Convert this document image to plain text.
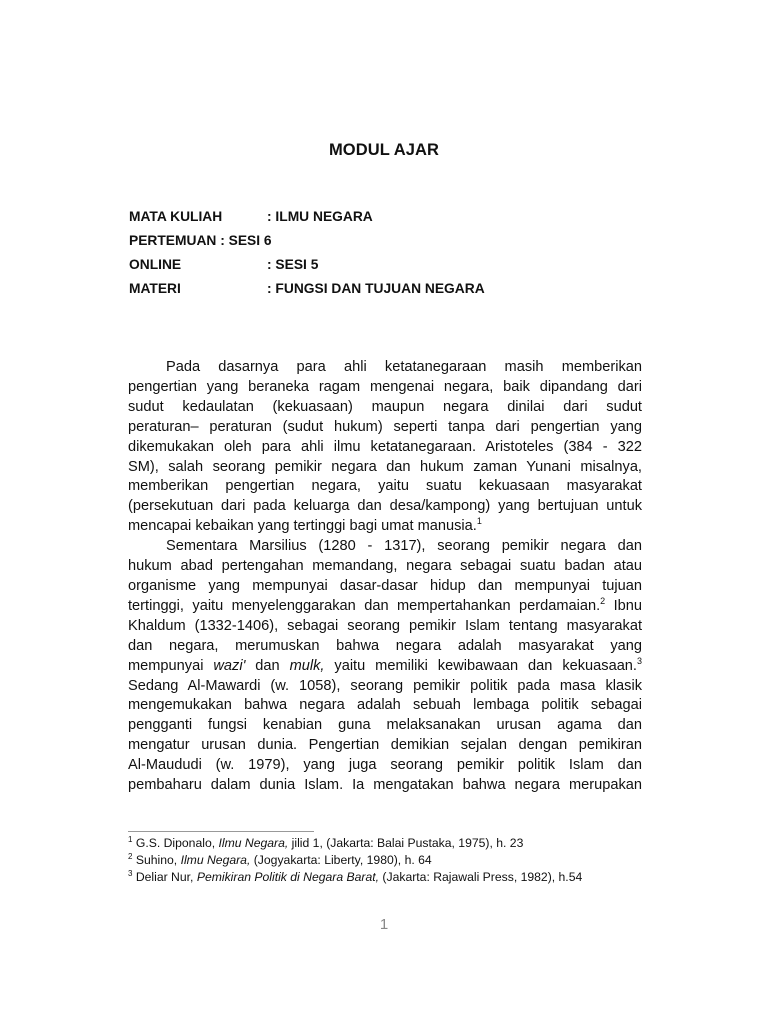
MODUL AJAR
MATA KULIAH	: ILMU NEGARA
PERTEMUAN : SESI 6
ONLINE	: SESI 5
MATERI	: FUNGSI DAN TUJUAN NEGARA
Pada dasarnya para ahli ketatanegaraan masih memberikan
pengertian yang beraneka ragam mengenai negara, baik dipandang dari
sudut kedaulatan (kekuasaan) maupun negara dinilai dari sudut
peraturan– peraturan (sudut hukum) seperti tanpa dari pengertian yang
dikemukakan oleh para ahli ilmu ketatanegaraan. Aristoteles (384 - 322
SM), salah seorang pemikir negara dan hukum zaman Yunani misalnya,
memberikan pengertian negara, yaitu suatu kekuasaan masyarakat
(persekutuan dari pada keluarga dan desa/kampong) yang bertujuan untuk
mencapai kebaikan yang tertinggi bagi umat manusia.$^1$
Sementara Marsilius (1280 - 1317), seorang pemikir negara dan
hukum abad pertengahan memandang, negara sebagai suatu badan atau
organisme yang mempunyai dasar-dasar hidup dan mempunyai tujuan
tertinggi, yaitu menyelenggarakan dan mempertahankan perdamaian.$^2$ Ibnu
Khaldum (1332-1406), sebagai seorang pemikir Islam tentang masyarakat
dan negara, merumuskan bahwa negara adalah masyarakat yang
mempunyai wazi' dan mulk, yaitu memiliki kewibawaan dan kekuasaan.$^3$
Sedang Al-Mawardi (w. 1058), seorang pemikir politik pada masa klasik
mengemukakan bahwa negara adalah sebuah lembaga politik sebagai
pengganti fungsi kenabian guna melaksanakan urusan agama dan
mengatur urusan dunia. Pengertian demikian sejalan dengan pemikiran
Al-Maududi (w. 1979), yang juga seorang pemikir politik Islam dan
pembaharu dalam dunia Islam. Ia mengatakan bahwa negara merupakan
$^1$ G.S. Diponalo, Ilmu Negara, jilid 1, (Jakarta: Balai Pustaka, 1975), h. 23
$^2$ Suhino, Ilmu Negara, (Jogyakarta: Liberty, 1980), h. 64
$^3$ Deliar Nur, Pemikiran Politik di Negara Barat, (Jakarta: Rajawali Press, 1982), h.54
1
